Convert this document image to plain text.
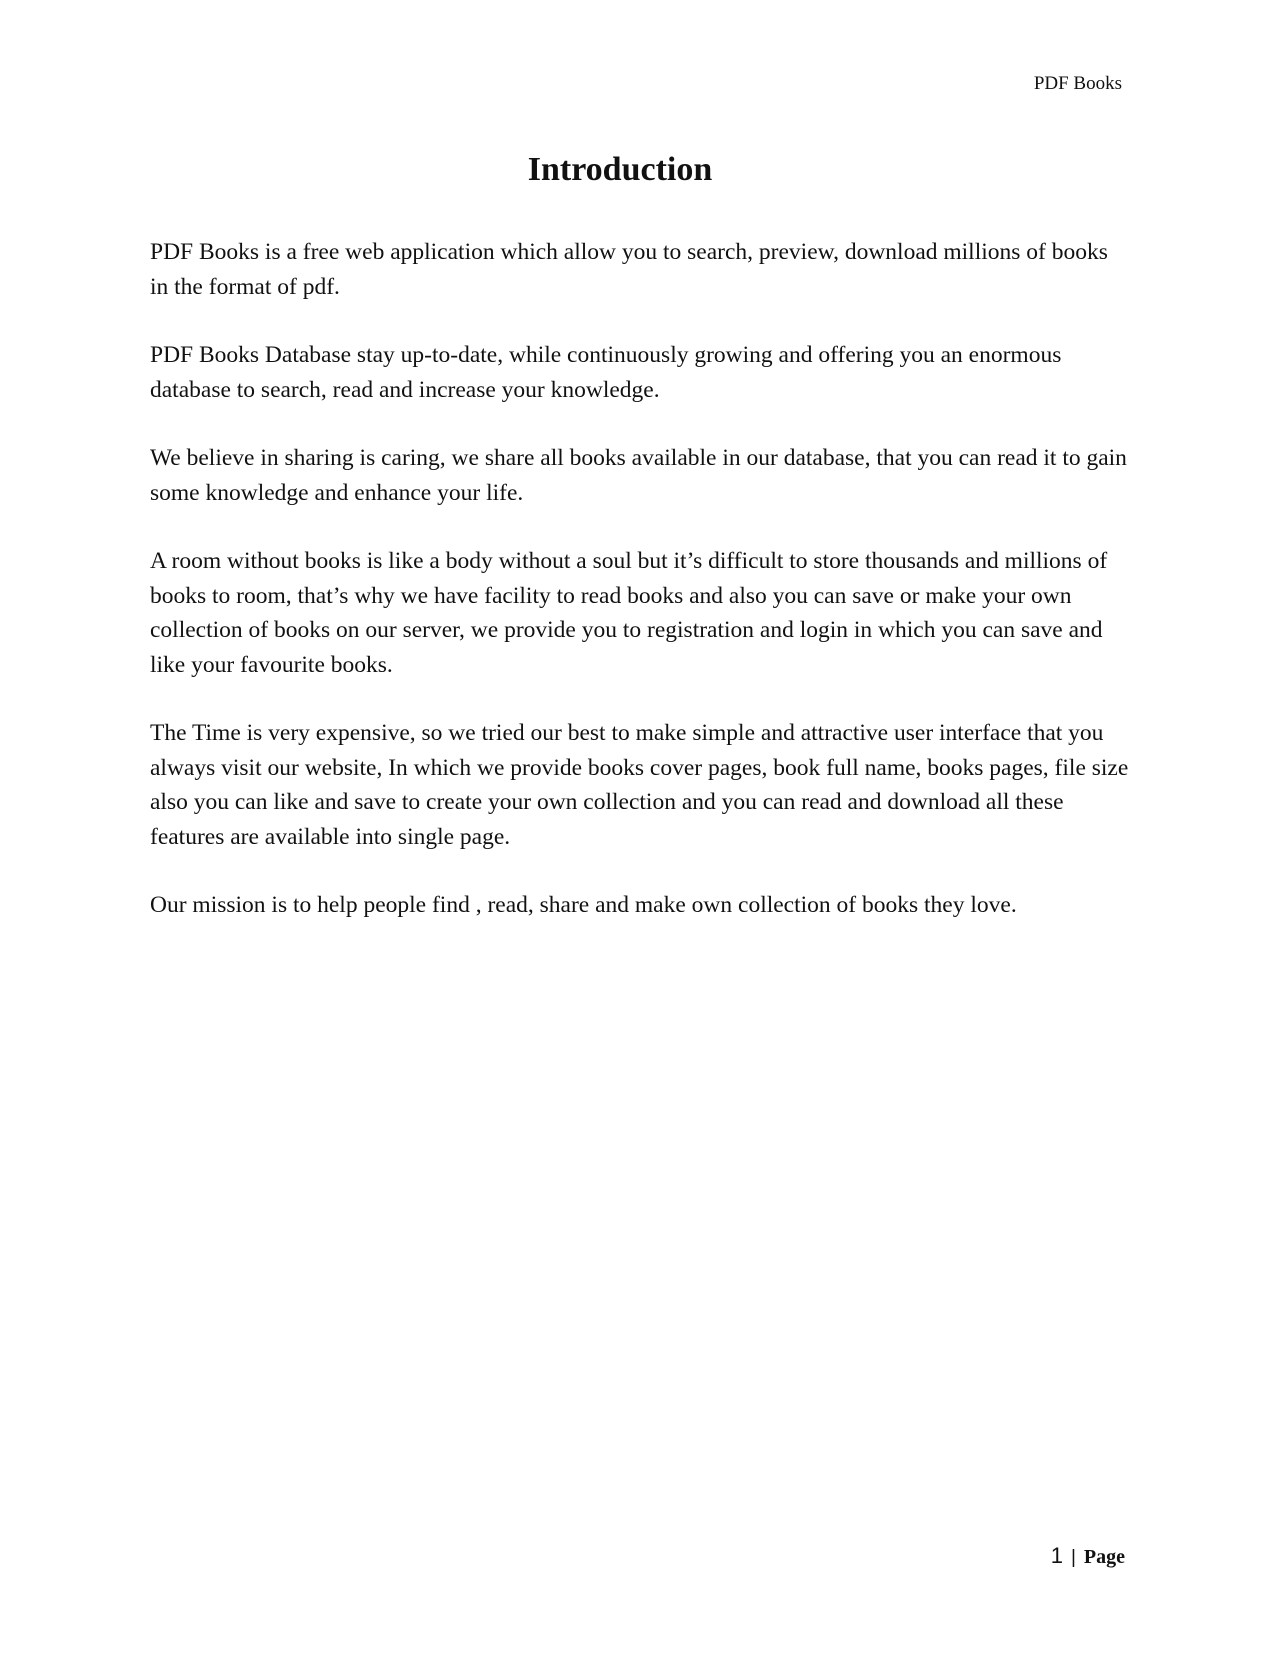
PDF Books
Introduction

PDF Books is a free web application which allow you to search, preview, download millions of books in the format of pdf.

PDF Books Database stay up-to-date, while continuously growing and offering you an enormous database to search, read and increase your knowledge.

We believe in sharing is caring, we share all books available in our database, that you can read it to gain some knowledge and enhance your life.

A room without books is like a body without a soul but it’s difficult to store thousands and millions of books to room, that’s why we have facility to read books and also you can save or make your own collection of books on our server, we provide you to registration and login in which you can save and like your favourite books.

The Time is very expensive, so we tried our best to make simple and attractive user interface that you always visit our website, In which we provide books cover pages, book full name, books pages, file size also you can like and save to create your own collection and you can read and download all these features are available into single page.

Our mission is to help people find , read, share and make own collection of books they love.

1 | Page
